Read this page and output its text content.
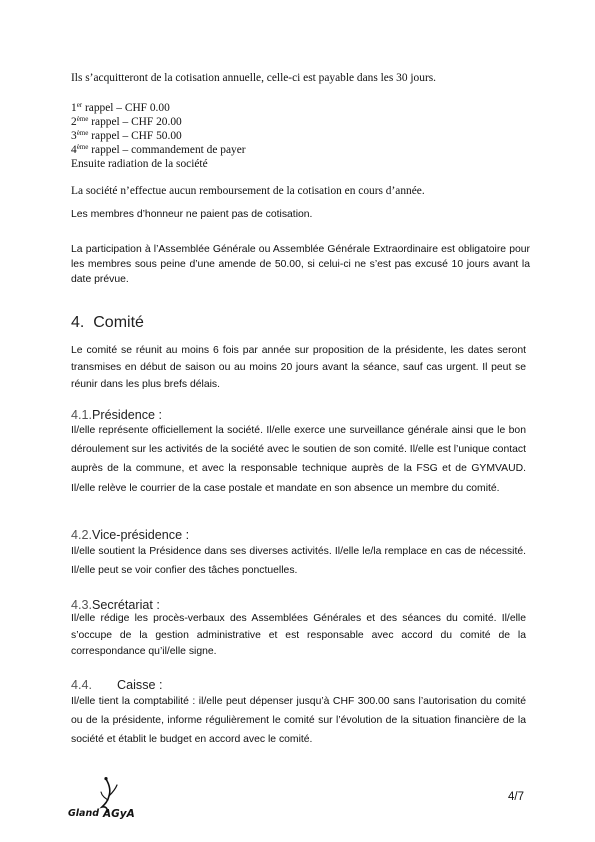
Ils s’acquitteront de la cotisation annuelle, celle-ci est payable dans les 30 jours.

1er rappel – CHF 0.00
2ème rappel – CHF 20.00
3ème rappel – CHF 50.00
4ème rappel – commandement de payer
Ensuite radiation de la société

La société n’effectue aucun remboursement de la cotisation en cours d’année.

Les membres d’honneur ne paient pas de cotisation.

La participation à l’Assemblée Générale ou Assemblée Générale Extraordinaire est obligatoire pour les membres sous peine d’une amende de 50.00, si celui-ci ne s’est pas excusé 10 jours avant la date prévue.

4. Comité

Le comité se réunit au moins 6 fois par année sur proposition de la présidente, les dates seront transmises en début de saison ou au moins 20 jours avant la séance, sauf cas urgent. Il peut se réunir dans les plus brefs délais.

4.1.Présidence :

Il/elle représente officiellement la société. Il/elle exerce une surveillance générale ainsi que le bon déroulement sur les activités de la société avec le soutien de son comité. Il/elle est l’unique contact auprès de la commune, et avec la responsable technique auprès de la FSG et de GYMVAUD. Il/elle relève le courrier de la case postale et mandate en son absence un membre du comité.

4.2.Vice-présidence :

Il/elle soutient la Présidence dans ses diverses activités. Il/elle le/la remplace en cas de nécessité. Il/elle peut se voir confier des tâches ponctuelles.

4.3.Secrétariat :

Il/elle rédige les procès-verbaux des Assemblées Générales et des séances du comité. Il/elle s’occupe de la gestion administrative et est responsable avec accord du comité de la correspondance qu’il/elle signe.

4.4. Caisse :

Il/elle tient la comptabilité : il/elle peut dépenser jusqu’à CHF 300.00 sans l’autorisation du comité ou de la présidente, informe régulièrement le comité sur l’évolution de la situation financière de la société et établit le budget en accord avec le comité.

Gland AGyA
4/7
